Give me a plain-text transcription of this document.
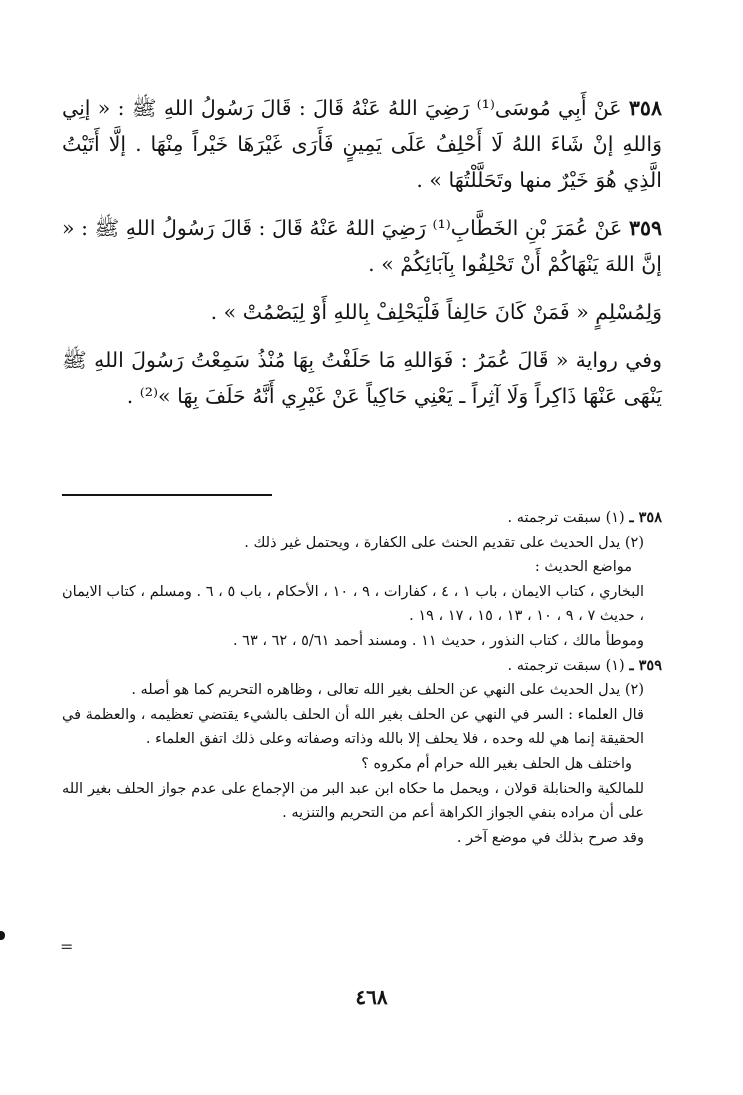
٣٥٨ عَنْ أَبِي مُوسَى⁽¹⁾ رَضِيَ اللهُ عَنْهُ قَالَ : قَالَ رَسُولُ اللهِ ﷺ : « إنِي وَاللهِ إنْ شَاءَ اللهُ لَا أَحْلِفُ عَلَى يَمِينٍ فَأَرَى غَيْرَهَا خَيْراً مِنْهَا . إلَّا أَتَيْتُ الَّذِي هُوَ خَيْرٌ منها وتَحَلَّلْتُهَا » .

٣٥٩ عَنْ عُمَرَ بْنِ الخَطَّابِ⁽¹⁾ رَضِيَ اللهُ عَنْهُ قَالَ : قَالَ رَسُولُ اللهِ ﷺ : « إنَّ اللهَ يَنْهَاكُمْ أَنْ تَحْلِفُوا بِآبَائِكُمْ » .

وَلِمُسْلِمٍ « فَمَنْ كَانَ حَالِفاً فَلْيَحْلِفْ بِاللهِ أَوْ لِيَصْمُتْ » .

وفي رواية « قَالَ عُمَرُ : فَوَاللهِ مَا حَلَفْتُ بِهَا مُنْذُ سَمِعْتُ رَسُولَ اللهِ ﷺ يَنْهَى عَنْهَا ذَاكِراً وَلَا آثِراً ـ يَعْنِي حَاكِياً عَنْ غَيْرِي أَنَّهُ حَلَفَ بِهَا »⁽²⁾ .

٣٥٨ ـ (١) سبقت ترجمته .

(٢) يدل الحديث على تقديم الحنث على الكفارة ، ويحتمل غير ذلك .

مواضع الحديث :

البخاري ، كتاب الايمان ، باب ١ ، ٤ ، كفارات ، ٩ ، ١٠ ، الأحكام ، باب ٥ ، ٦ . ومسلم ، كتاب الايمان ، حديث ٧ ، ٩ ، ١٠ ، ١٣ ، ١٥ ، ١٧ ، ١٩ .

وموطأ مالك ، كتاب النذور ، حديث ١١ . ومسند أحمد ٥/٦١ ، ٦٢ ، ٦٣ .

٣٥٩ ـ (١) سبقت ترجمته .

(٢) يدل الحديث على النهي عن الحلف بغير الله تعالى ، وظاهره التحريم كما هو أصله .

قال العلماء : السر في النهي عن الحلف بغير الله أن الحلف بالشيء يقتضي تعظيمه ، والعظمة في الحقيقة إنما هي لله وحده ، فلا يحلف إلا بالله وذاته وصفاته وعلى ذلك اتفق العلماء .

واختلف هل الحلف بغير الله حرام أم مكروه ؟

للمالكية والحنابلة قولان ، ويحمل ما حكاه ابن عبد البر من الإجماع على عدم جواز الحلف بغير الله على أن مراده بنفي الجواز الكراهة أعم من التحريم والتنزيه .

وقد صرح بذلك في موضع آخر .

=
٤٦٨
